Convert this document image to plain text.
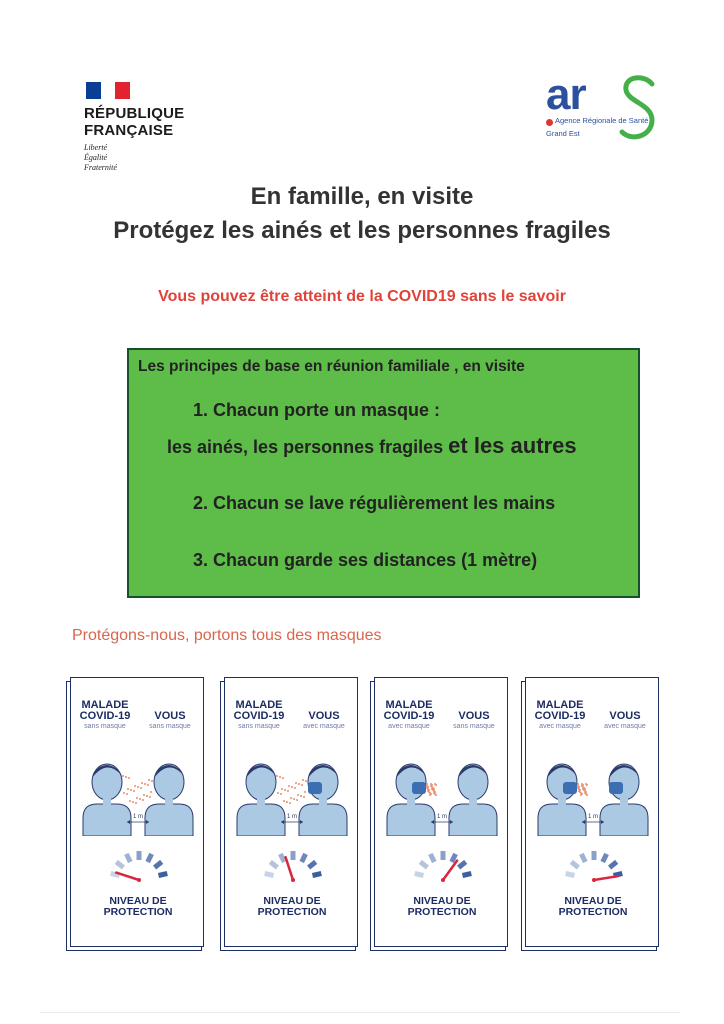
RÉPUBLIQUE
FRANÇAISE
Liberté
Égalité
Fraternité
ar
Agence Régionale de Santé
Grand Est
En famille, en visite
Protégez les ainés et les personnes fragiles
Vous pouvez être atteint de la COVID19 sans le savoir
Les principes de base en réunion familiale , en visite
1. Chacun porte un masque :
les ainés, les personnes fragiles et les autres
2. Chacun se lave régulièrement les mains
3. Chacun garde ses distances (1 mètre)
Protégons-nous, portons tous des masques
MALADE
COVID-19
sans masque
VOUS
sans masque
1 m
NIVEAU DE
PROTECTION
MALADE
COVID-19
sans masque
VOUS
avec masque
1 m
NIVEAU DE
PROTECTION
MALADE
COVID-19
avec masque
VOUS
sans masque
1 m
NIVEAU DE
PROTECTION
MALADE
COVID-19
avec masque
VOUS
avec masque
1 m
NIVEAU DE
PROTECTION
